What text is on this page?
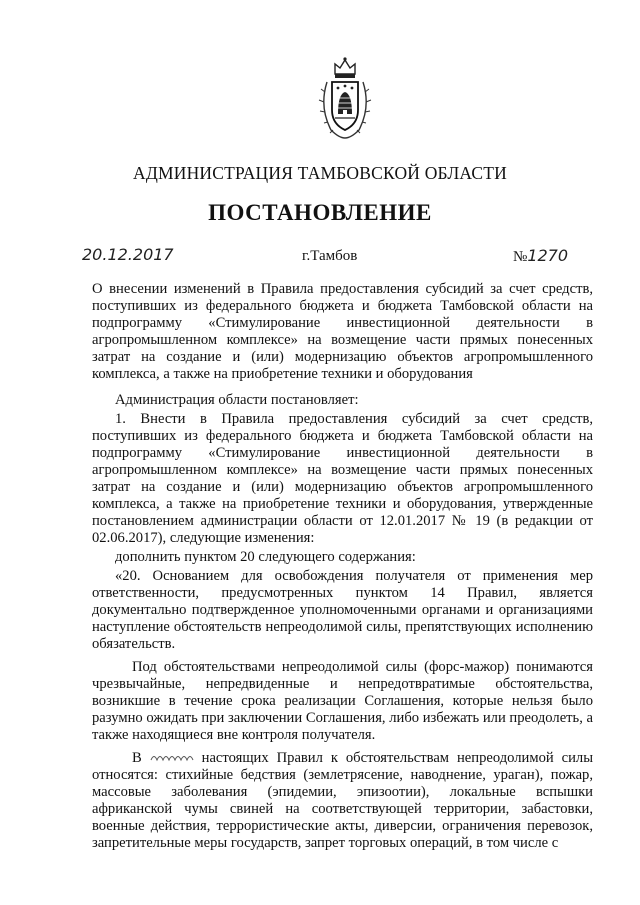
АДМИНИСТРАЦИЯ ТАМБОВСКОЙ ОБЛАСТИ
ПОСТАНОВЛЕНИЕ
20.12.2017	г.Тамбов	№1270
О внесении изменений в Правила предоставления субсидий за счет средств, поступивших из федерального бюджета и бюджета Тамбовской области на подпрограмму «Стимулирование инвестиционной деятельности в агропромышленном комплексе» на возмещение части прямых понесенных затрат на создание и (или) модернизацию объектов агропромышленного комплекса, а также на приобретение техники и оборудования

Администрация области постановляет:

1. Внести в Правила предоставления субсидий за счет средств, поступивших из федерального бюджета и бюджета Тамбовской области на подпрограмму «Стимулирование инвестиционной деятельности в агропромышленном комплексе» на возмещение части прямых понесенных затрат на создание и (или) модернизацию объектов агропромышленного комплекса, а также на приобретение техники и оборудования, утвержденные постановлением администрации области от 12.01.2017 № 19 (в редакции от 02.06.2017), следующие изменения:

дополнить пунктом 20 следующего содержания:

«20. Основанием для освобождения получателя от применения мер ответственности, предусмотренных пунктом 14 Правил, является документально подтвержденное уполномоченными органами и организациями наступление обстоятельств непреодолимой силы, препятствующих исполнению обязательств.

Под обстоятельствами непреодолимой силы (форс-мажор) понимаются чрезвычайные, непредвиденные и непредотвратимые обстоятельства, возникшие в течение срока реализации Соглашения, которые нельзя было разумно ожидать при заключении Соглашения, либо избежать или преодолеть, а также находящиеся вне контроля получателя.

В	настоящих Правил к обстоятельствам непреодолимой силы относятся: стихийные бедствия (землетрясение, наводнение, ураган), пожар, массовые заболевания (эпидемии, эпизоотии), локальные вспышки африканской чумы свиней на соответствующей территории, забастовки, военные действия, террористические акты, диверсии, ограничения перевозок, запретительные меры государств, запрет торговых операций, в том числе с
